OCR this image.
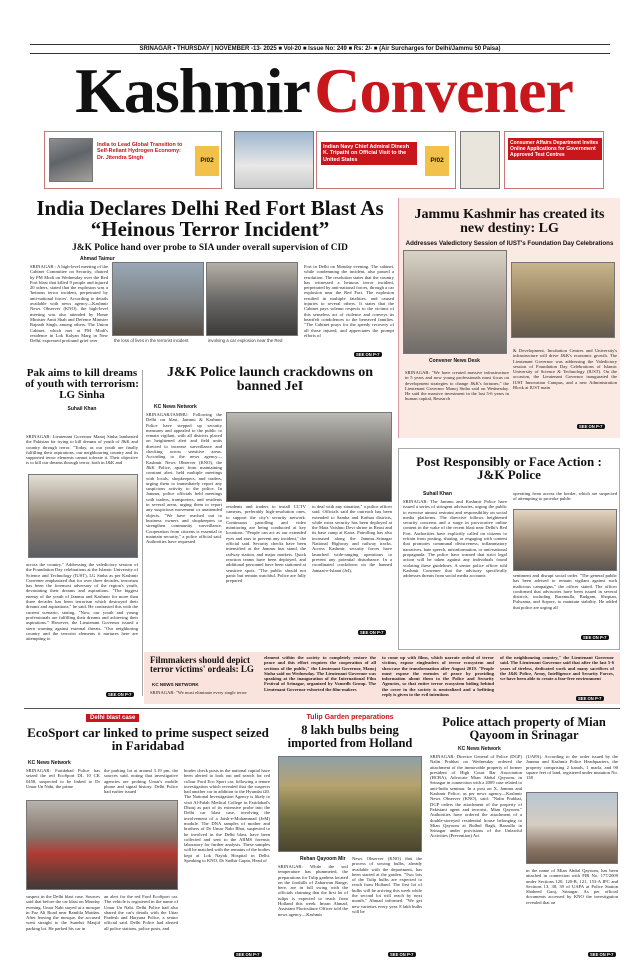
SRINAGAR • THURSDAY | NOVEMBER -13- 2025 ■ Vol-20 ■ Issue No: 249 ■ Rs: 2/- ■ (Air Surcharges for Delhi/Jammu 50 Paisa)
Kashmir Convener
India to Lead Global Transition to Self-Reliant Hydrogen Economy: Dr. Jitendra Singh	P/02
Indian Navy Chief Admiral Dinesh K. Tripathi on Official Visit to the United States	P/02
Consumer Affairs Department Invites Online Applications for Government Approved Test Centres
India Declares Delhi Red Fort Blast As “Heinous Terror Incident”
J&K Police hand over probe to SIA under overall supervision of CID
Ahmad Taimur
SRINAGAR : A high-level meeting of the Cabinet Committee on Security, chaired by PM Modi on Wednesday over the Red Fort blast that killed 9 people and injured 20 others, stated that the explosion was a 'heinous terror incident, perpetrated by anti-national forces'. According to details available with news agency—Kashmir News Observer (KNO), the high-level meeting was also attended by Home Minister Amit Shah and Defence Minister Rajnath Singh, among others. The Union Cabinet, which met at PM Modi's residence in Lok Kalyan Marg in New Delhi, expressed profound grief over	the loss of lives in the terrorist incident	involving a car explosion near the Red
Fort in Delhi on Monday evening. The cabinet, while condemning the incident, also passed a resolution. The resolution states that the country has witnessed a heinous terror incident, perpetrated by anti-national forces, through a car explosion near the Red Fort. The explosion resulted in multiple fatalities, and caused injuries to several others. It states that the Cabinet pays solemn respects to the victims of this senseless act of violence and conveys its heartfelt condolences to the bereaved families. "The Cabinet prays for the speedy recovery of all those injured, and appreciates the prompt efforts of
SEE ON P-7
Jammu Kashmir has created its new destiny: LG
Addresses Valedictory Session of IUST's Foundation Day Celebrations
Convener News Desk
SRINAGAR: "We have created massive infrastructure in 5 years and now young professionals must focus on development strategies to change J&K's fortunes," the Lieutenant Governor Manoj Sinha said on Wednesday. He said the massive investment in the last 5-6 years in human capital, Research
& Development, Incubation Centres and University's infrastructure will drive J&K's economic growth. The Lieutenant Governor was addressing the Valedictory session of Foundation Day Celebrations of Islamic University of Science & Technology (IUST). On the occasion, the Lieutenant Governor inaugurated the IUST Innovation Campus, and a new Administration Block at IUST main
SEE ON P-7
Pak aims to kill dreams of youth with terrorism: LG Sinha
Suhail Khan
SRINAGAR: Lieutenant Governor Manoj Sinha lambasted the Pakistan for trying to kill dreams of youth of J&K and country through terror. "Today, as our youth are finally fulfilling their aspirations, our neighbouring country and its supported terror elements cannot tolerate it. Their objective is to kill our dreams through terror, both in J&K and
across the country." Addressing the valedictory session of the Foundation Day celebrations at the Islamic University of Science and Technology (IUST), LG Sinha as per Kashmir Convener emphasized that for over three decades, terrorism has been the foremost adversary of the region's youth, devastating their dreams and aspirations. "The biggest enemy of the youth of Jammu and Kashmir for more than three decades has been terrorism which destroyed their dreams and aspirations," he said. He contrasted this with the current scenario, stating, "Now, our youth and young professionals are fulfilling their dreams and achieving their aspirations." However, the Lieutenant Governor issued a stern warning against external threats. "Our neighboring country and the terrorist elements it nurtures here are attempting to
SEE ON P-7
J&K Police launch crackdowns on banned JeI
KC News Network
SRINAGAR/JAMMU: Following the Delhi car blast, Jammu & Kashmir Police have stepped up security measures and appealed to the public to remain vigilant, with all districts placed on heightened alert and field units directed to increase surveillance and checking across sensitive areas. According to the news agency—Kashmir News Observer (KNO), the J&K Police, apart from maintaining constant alert, held multiple meetings with locals, shopkeepers, and traders, urging them to immediately report any suspicious activity to the police. In Jammu, police officials held meetings with traders, transporters, and residents in several areas, urging them to report any suspicious movement or unattended objects. "We have reached out to business owners and shopkeepers to strengthen community surveillance. Cooperation from citizens is essential to maintain security," a police official said. Authorities have requested
residents and traders to install CCTV cameras, preferably high-resolution ones, to support the city's security network. Continuous patrolling and video monitoring are being conducted at key locations. "People can act as our extended eyes and ears to prevent any incident," the official said. Security checks have been intensified at the Jammu bus stand, the railway station, and major markets. Quick reaction teams have been deployed, and additional personnel have been stationed at sensitive spots. "The public should not panic but remain watchful. Police are fully prepared
to deal with any situation," a police officer said. Officials said the outreach has been extended to Samba and Kathua districts, while extra security has been deployed at the Mata Vaishno Devi shrine in Reasi and its base camp at Katra. Patrolling has also increased along the Jammu–Srinagar National Highway and railway tracks. Across Kashmir, security forces have launched wide-ranging operations to prevent any potential disturbance. In a coordinated crackdown on the banned Jamaat-e-Islami (JeI),
SEE ON P-7
Post Responsibly or Face Action : J&K Police
Suhail Khan
SRINAGAR: The Jammu and Kashmir Police have issued a series of stringent advisories, urging the public to exercise utmost restraint and responsibility on social media platforms. The directive follows heightened security concerns and a surge in provocative online content in the wake of the recent blast near Delhi's Red Fort. Authorities have explicitly called on citizens to refrain from posting, sharing, or engaging with content that promotes communal divisiveness, inflammatory narratives, hate speech, misinformation, or anti-national propaganda. The police have warned that strict legal action will be taken against any individuals found violating these guidelines. A senior police officer told Kashmir Convener that the advisory specifically addresses threats from social media accounts
operating from across the border, which are suspected of attempting to provoke public
sentiment and disrupt social order. "The general public has been advised to remain vigilant against such malicious campaigns," the officer stated. The officer confirmed that advisories have been issued in several districts, including Baramulla, Budgam, Shopian, Pulwama, and Sopore, to maintain stability. He added that police are urging all
SEE ON P-7
Filmmakers should depict terror victims' ordeals: LG
KC NEWS NETWORK
SRINAGAR: "We must eliminate every single terror
element within the society to completely restore the peace and this effort requires the cooperation of all sections of the public," the Lieutenant Governor, Manoj Sinha said on Wednesday. The Lieutenant Governor was speaking at the inauguration of the International Film Festival of Srinagar, organized by Vomedh Group. The Lieutenant Governor exhorted the film-makers
to come up with films, which narrate ordeal of terror victims, expose ringleaders of terror ecosystem and showcase the transformation after August 2019. "People must expose the enemies of peace by providing information about them to the Police and Security Agencies, so that entire terror ecosystem hiding behind the cover in the society is neutralized and a befitting reply is given to the evil intentions
of the neighbouring country," the Lieutenant Governor said. The Lieutenant Governor said that after the last 5-6 years of tireless, dedicated work and many sacrifices of the J&K Police, Army, Intelligence and Security Forces, we have been able to create a fear-free environment
SEE ON P-7
Delhi blast case
EcoSport car linked to prime suspect seized in Faridabad
KC News Network
SRINAGAR: Faridabad Police has seized the red EcoSport DL 10 CK 0458, suspected to be linked to Dr Umar Un Nabi, the prime
suspect in the Delhi blast case. Sources said that before the car blast on Monday evening, Umar Nabi stayed at a mosque in Faz Ali Road near Ramlila Maidan. After leaving the mosque, the accused went straight to the Sunehri Masjid parking lot. He parked his car in
the parking lot at around 3.19 pm, the sources said, noting that investigative agencies are probing Umar's mobile phone and signal history. Delhi Police had earlier issued
an alert for the red Ford EcoSport car. The vehicle is registered in the name of Umar Un Nabi. Delhi Police had also shared the car's details with the Uttar Pradesh and Haryana Police, a senior official said. Delhi Police had alerted all police stations, police posts, and
border check posts in the national capital have been alerted to look out and search for red colour Ford Eco Sport car, following a tenure investigation which revealed that the suspects had another car in addition to the Hyundai i20. The National Investigation Agency is likely to visit Al-Falah Medical College in Faridabad's Dhouj as part of its extensive probe into the Delhi car blast case, involving the involvement of a Jaish-e-Mohammad (JeM) module. The DNA samples of mother and brothers of Dr Umar Nabi Bhat, suspected to be involved in the Delhi blast, have been collected and sent to the AIIMS forensic laboratory for further analysis. These samples will be matched with the remains of the bodies kept at Lok Nayak Hospital in Delhi. Speaking to KNO, Dr Sudhir Gupta, Head of
SEE ON P-7
Tulip Garden preparations
8 lakh bulbs being imported from Holland
Rehan Qayoom Mir
SRINAGAR: While the soil temperature has plummeted, the preparations for Tulip gardens located on the foothills of Zabarwan Range, here, are in full swing with the officials claiming that the first lot of tulips is expected to reach from Holland this week. Imran Ahmad, Assistant Floriculture Officer told the news agency—Kashmir
News Observer (KNO) that the process of sowing bulbs, already available with the department, has been started at the garden. "Two lots of the Tulip bulbs are expected to reach from Holland. The first lot of bulbs will be arriving this week while the second lot will reach by next month," Ahmad informed. "We get new varieties every year. 8 lakh bulbs will be
SEE ON P-7
Police attach property of Mian Qayoom in Srinagar
KC News Network
SRINAGAR: Director General of Police (DGP) Nalin Prabhat on Wednesday ordered the attachment of the immovable property of former president of High Court Bar Association (HCBA), Advocate Mian Abdul Qayoom, in Srinagar in connection with a 2009 case related to anti-India seminar. In a post on X, Jammu and Kashmir Police, as per news agency—Kashmir News Observer (KNO), said: "Nalin Prabhat, DGP orders the attachment of the property of Pakistani agent and terrorist, Mian Qayoom." Authorities have ordered the attachment of a double-storeyed residential house belonging to Mian Qayoom at Bulbul Bagh, Barzulla in Srinagar under provisions of the Unlawful Activities (Prevention) Act
(UAPA). According to the order issued by the Jammu and Kashmir Police Headquarters, the property comprising 2 kanals, 1 marla, and 90 square feet of land, registered under mutation No. 138
in the name of Mian Abdul Qayoom, has been attached in connection with FIR No. 177/2009 under Sections 120, 120-B, 121, 153-A IPC and Sections 13, 38, 39 of UAPA at Police Station Shaheed Gunj, Srinagar. As per official documents accessed by KNO the investigation revealed that on
SEE ON P-7
